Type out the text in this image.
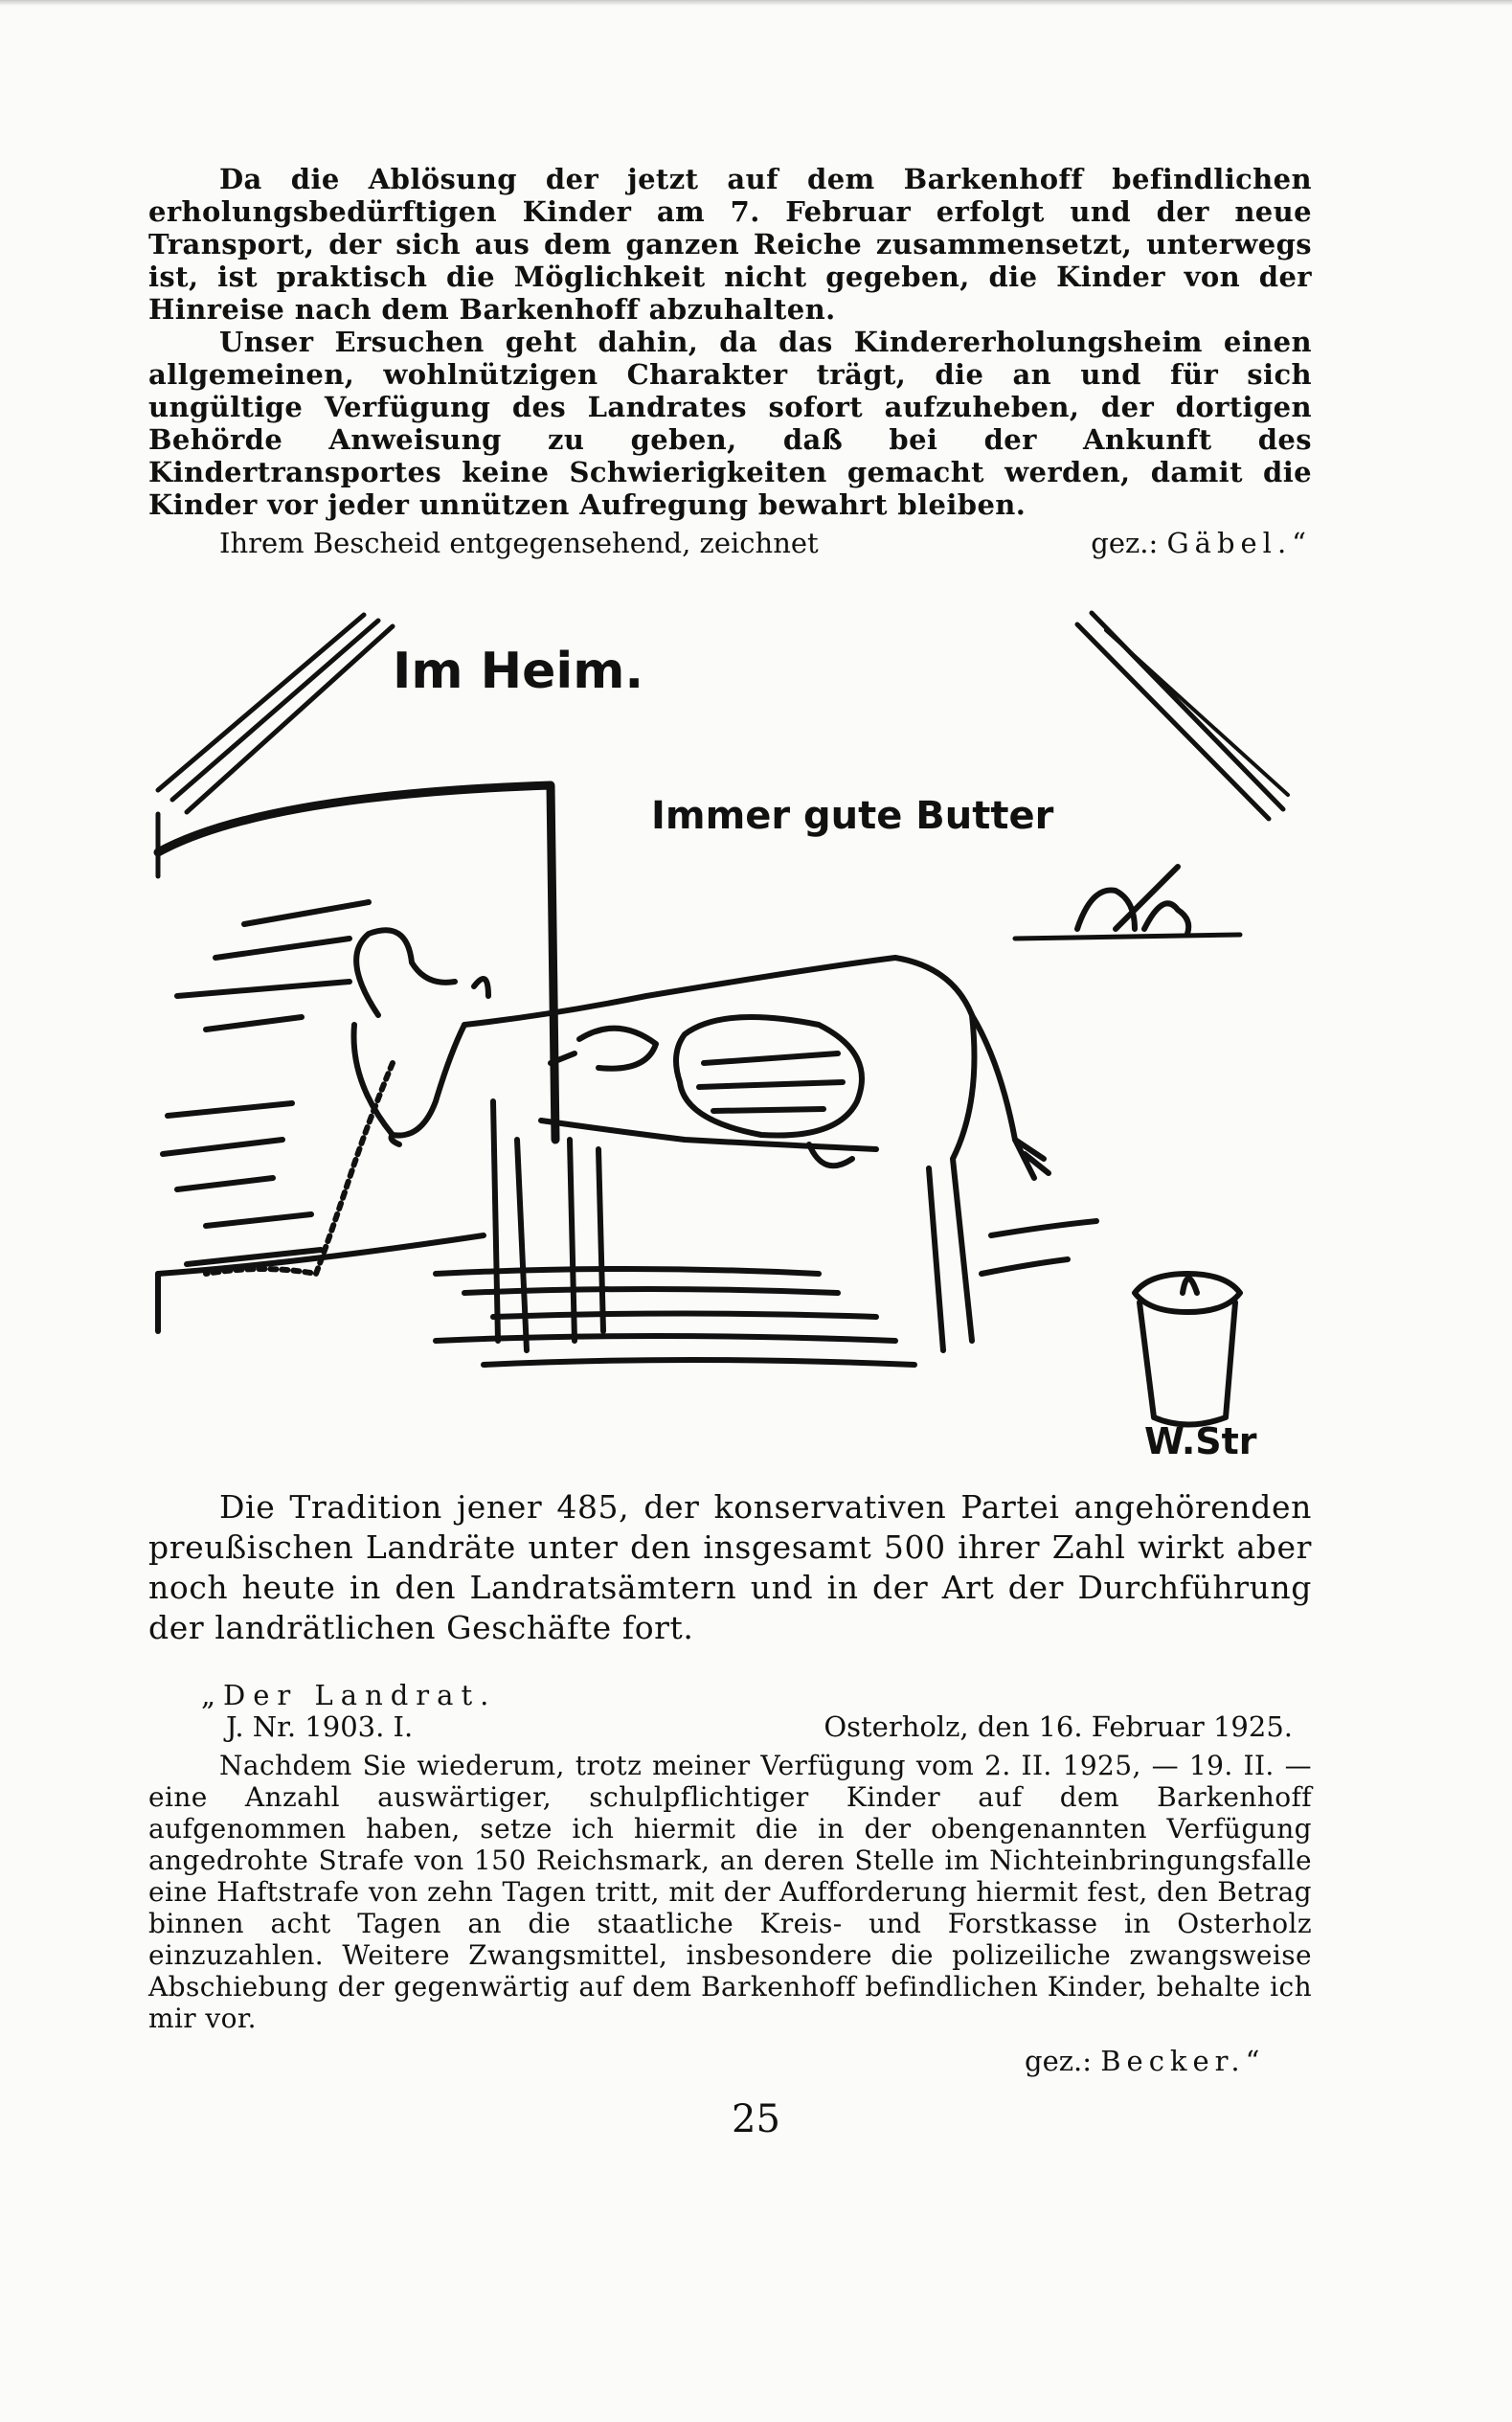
Da die Ablösung der jetzt auf dem Barkenhoff befindlichen erholungsbedürftigen Kinder am 7. Februar erfolgt und der neue Transport, der sich aus dem ganzen Reiche zusammensetzt, unterwegs ist, ist praktisch die Möglichkeit nicht gegeben, die Kinder von der Hinreise nach dem Barkenhoff abzuhalten.

Unser Ersuchen geht dahin, da das Kindererholungsheim einen allgemeinen, wohlnützigen Charakter trägt, die an und für sich ungültige Verfügung des Landrates sofort aufzuheben, der dortigen Behörde Anweisung zu geben, daß bei der Ankunft des Kindertransportes keine Schwierigkeiten gemacht werden, damit die Kinder vor jeder unnützen Aufregung bewahrt bleiben.

Ihrem Bescheid entgegensehend, zeichnet	gez.: Gäbel.“
Im Heim.
Immer gute Butter
W.Str

Die Tradition jener 485, der konservativen Partei angehörenden preußischen Landräte unter den insgesamt 500 ihrer Zahl wirkt aber noch heute in den Landratsämtern und in der Art der Durchführung der landrätlichen Geschäfte fort.

„Der Landrat.
J. Nr. 1903. I.	Osterholz, den 16. Februar 1925.

Nachdem Sie wiederum, trotz meiner Verfügung vom 2. II. 1925, — 19. II. — eine Anzahl auswärtiger, schulpflichtiger Kinder auf dem Barkenhoff aufgenommen haben, setze ich hiermit die in der obengenannten Verfügung angedrohte Strafe von 150 Reichsmark, an deren Stelle im Nichteinbringungsfalle eine Haftstrafe von zehn Tagen tritt, mit der Aufforderung hiermit fest, den Betrag binnen acht Tagen an die staatliche Kreis- und Forstkasse in Osterholz einzuzahlen. Weitere Zwangsmittel, insbesondere die polizeiliche zwangsweise Abschiebung der gegenwärtig auf dem Barkenhoff befindlichen Kinder, behalte ich mir vor.

gez.: Becker.“
25
